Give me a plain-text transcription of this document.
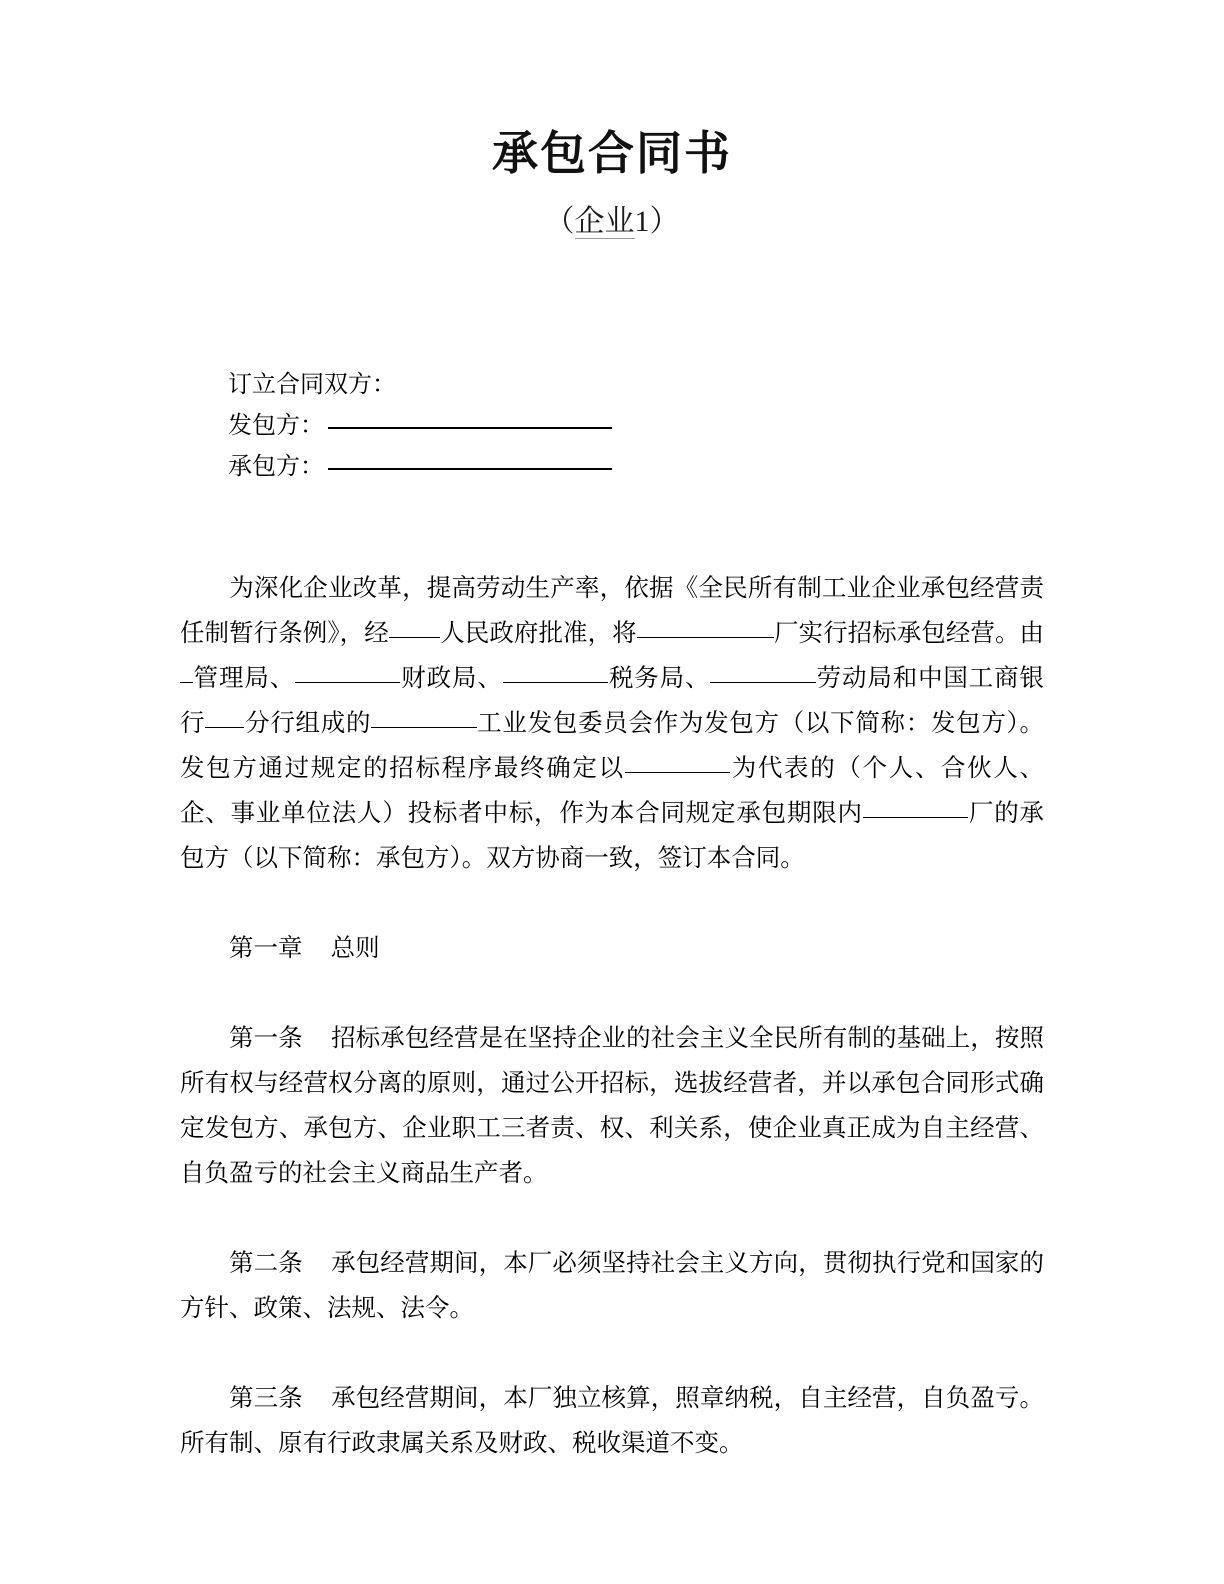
承包合同书
（企业1）
订立合同双方：
发包方：
承包方：

为深化企业改革，提高劳动生产率，依据《全民所有制工业企业承包经营责任制暂行条例》，经 人民政府批准，将	厂实行招标承包经营。由管理局、	财政局、	税务局、	劳动局和中国工商银行 分行组成的	工业发包委员会作为发包方（以下简称：发包方）。发包方通过规定的招标程序最终确定以	为代表的（个人、合伙人、企、事业单位法人）投标者中标，作为本合同规定承包期限内	厂的承包方（以下简称：承包方）。双方协商一致，签订本合同。

第一章 总则

第一条 招标承包经营是在坚持企业的社会主义全民所有制的基础上，按照所有权与经营权分离的原则，通过公开招标，选拔经营者，并以承包合同形式确定发包方、承包方、企业职工三者责、权、利关系，使企业真正成为自主经营、自负盈亏的社会主义商品生产者。

第二条 承包经营期间，本厂必须坚持社会主义方向，贯彻执行党和国家的方针、政策、法规、法令。

第三条 承包经营期间，本厂独立核算，照章纳税，自主经营，自负盈亏。所有制、原有行政隶属关系及财政、税收渠道不变。
